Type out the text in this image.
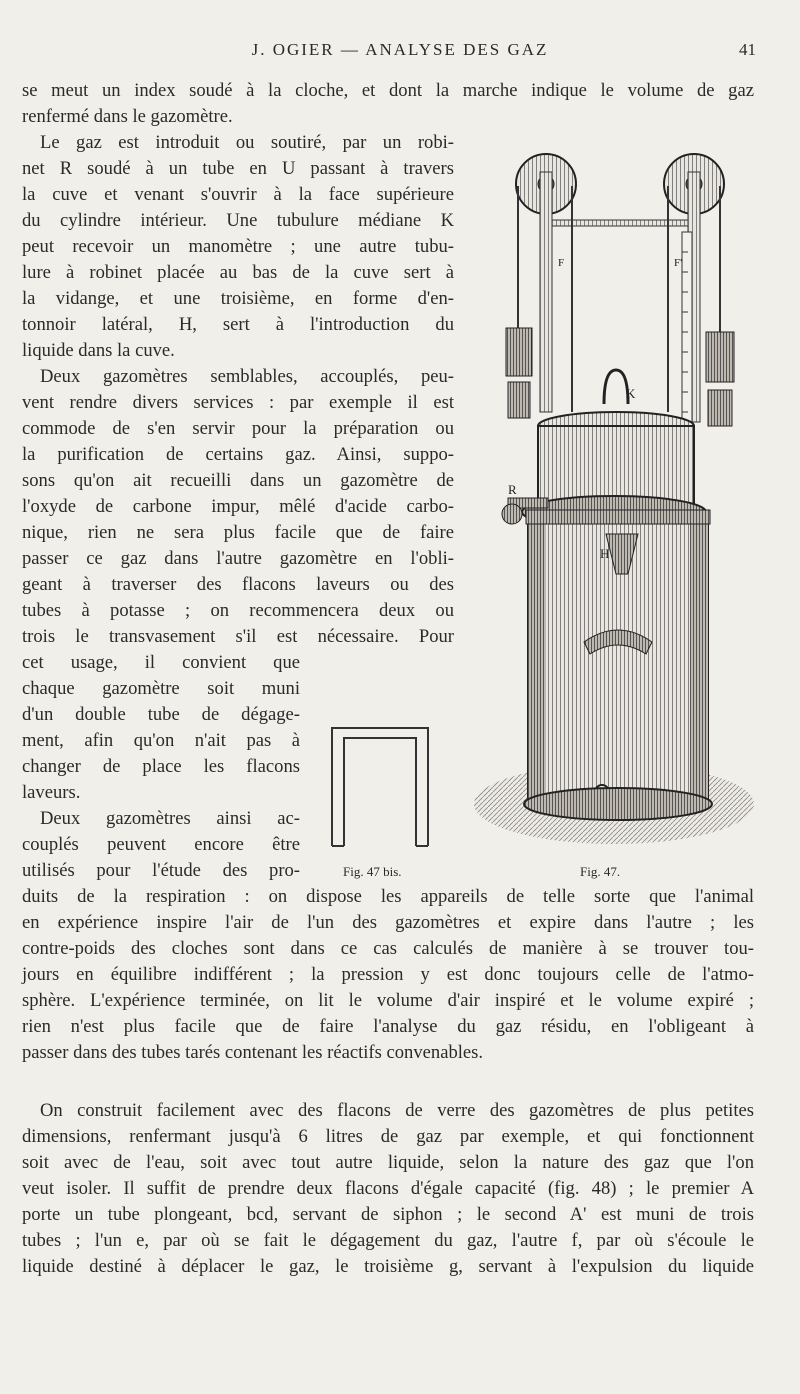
J. OGIER — ANALYSE DES GAZ	41
se meut un index soudé à la cloche, et dont la marche indique le volume de gaz
renfermé dans le gazomètre.
Le gaz est introduit ou soutiré, par un robi-
net R soudé à un tube en U passant à travers
la cuve et venant s'ouvrir à la face supérieure
du cylindre intérieur. Une tubulure médiane K
peut recevoir un manomètre ; une autre tubu-
lure à robinet placée au bas de la cuve sert à
la vidange, et une troisième, en forme d'en-
tonnoir latéral, H, sert à l'introduction du
liquide dans la cuve.
Deux gazomètres semblables, accouplés, peu-
vent rendre divers services : par exemple il est
commode de s'en servir pour la préparation ou
la purification de certains gaz. Ainsi, suppo-
sons qu'on ait recueilli dans un gazomètre de
l'oxyde de carbone impur, mêlé d'acide carbo-
nique, rien ne sera plus facile que de faire
passer ce gaz dans l'autre gazomètre en l'obli-
geant à traverser des flacons laveurs ou des
tubes à potasse ; on recommencera deux ou
trois le transvasement s'il est nécessaire. Pour
cet usage, il convient que
chaque gazomètre soit muni
d'un double tube de dégage-
ment, afin qu'on n'ait pas à
changer de place les flacons
laveurs.
Deux gazomètres ainsi ac-
couplés peuvent encore être
utilisés pour l'étude des pro-
duits de la respiration : on dispose les appareils de telle sorte que l'animal
en expérience inspire l'air de l'un des gazomètres et expire dans l'autre ; les
contre-poids des cloches sont dans ce cas calculés de manière à se trouver tou-
jours en équilibre indifférent ; la pression y est donc toujours celle de l'atmo-
sphère. L'expérience terminée, on lit le volume d'air inspiré et le volume expiré ;
rien n'est plus facile que de faire l'analyse du gaz résidu, en l'obligeant à
passer dans des tubes tarés contenant les réactifs convenables.
On construit facilement avec des flacons de verre des gazomètres de plus petites
dimensions, renfermant jusqu'à 6 litres de gaz par exemple, et qui fonctionnent
soit avec de l'eau, soit avec tout autre liquide, selon la nature des gaz que l'on
veut isoler. Il suffit de prendre deux flacons d'égale capacité (fig. 48) ; le premier A
porte un tube plongeant, bcd, servant de siphon ; le second A' est muni de trois
tubes ; l'un e, par où se fait le dégagement du gaz, l'autre f, par où s'écoule le
liquide destiné à déplacer le gaz, le troisième g, servant à l'expulsion du liquide
Fig. 47 bis.
R
K
H
F	F'
Fig. 47.
